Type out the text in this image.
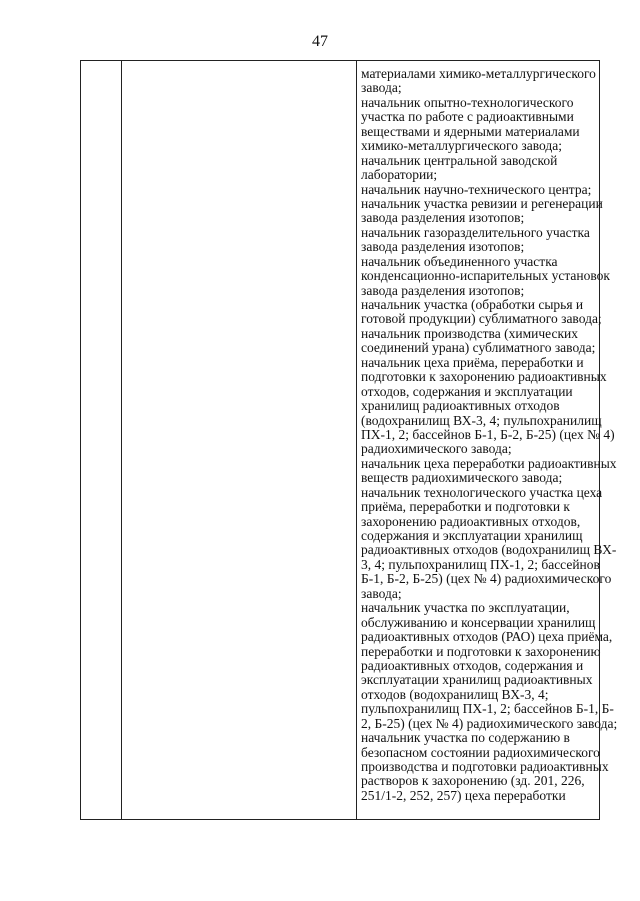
47

материалами химико-металлургического
завода;
начальник опытно-технологического
участка по работе с радиоактивными
веществами и ядерными материалами
химико-металлургического завода;
начальник центральной заводской
лаборатории;
начальник научно-технического центра;
начальник участка ревизии и регенерации
завода разделения изотопов;
начальник газоразделительного участка
завода разделения изотопов;
начальник объединенного участка
конденсационно-испарительных установок
завода разделения изотопов;
начальник участка (обработки сырья и
готовой продукции) сублиматного завода;
начальник производства (химических
соединений урана) сублиматного завода;
начальник цеха приёма, переработки и
подготовки к захоронению радиоактивных
отходов, содержания и эксплуатации
хранилищ радиоактивных отходов
(водохранилищ ВХ-3, 4; пульпохранилищ
ПХ-1, 2; бассейнов Б-1, Б-2, Б-25) (цех № 4)
радиохимического завода;
начальник цеха переработки радиоактивных
веществ радиохимического завода;
начальник технологического участка цеха
приёма, переработки и подготовки к
захоронению радиоактивных отходов,
содержания и эксплуатации хранилищ
радиоактивных отходов (водохранилищ ВХ-
3, 4; пульпохранилищ ПХ-1, 2; бассейнов
Б-1, Б-2, Б-25) (цех № 4) радиохимического
завода;
начальник участка по эксплуатации,
обслуживанию и консервации хранилищ
радиоактивных отходов (РАО) цеха приёма,
переработки и подготовки к захоронению
радиоактивных отходов, содержания и
эксплуатации хранилищ радиоактивных
отходов (водохранилищ ВХ-3, 4;
пульпохранилищ ПХ-1, 2; бассейнов Б-1, Б-
2, Б-25) (цех № 4) радиохимического завода;
начальник участка по содержанию в
безопасном состоянии радиохимического
производства и подготовки радиоактивных
растворов к захоронению (зд. 201, 226,
251/1-2, 252, 257) цеха переработки
